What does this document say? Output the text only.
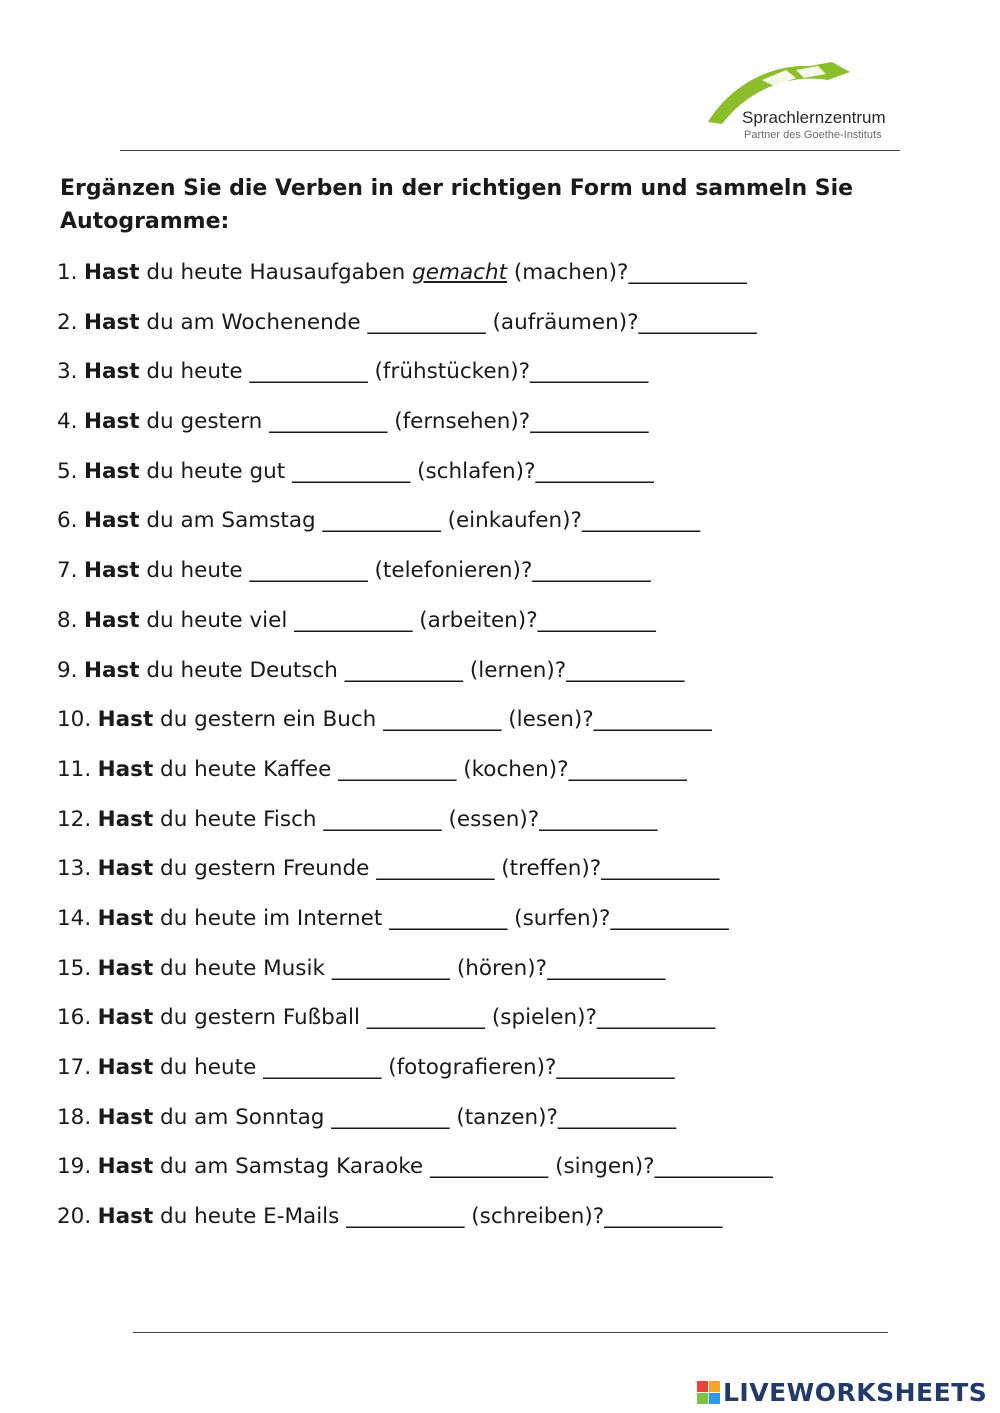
Sprachlernzentrum
Partner des Goethe-Instituts
Ergänzen Sie die Verben in der richtigen Form und sammeln Sie Autogramme:
1. Hast du heute Hausaufgaben gemacht (machen)?___________
2. Hast du am Wochenende ___________ (aufräumen)?___________
3. Hast du heute ___________ (frühstücken)?___________
4. Hast du gestern ___________ (fernsehen)?___________
5. Hast du heute gut ___________ (schlafen)?___________
6. Hast du am Samstag ___________ (einkaufen)?___________
7. Hast du heute ___________ (telefonieren)?___________
8. Hast du heute viel ___________ (arbeiten)?___________
9. Hast du heute Deutsch ___________ (lernen)?___________
10. Hast du gestern ein Buch ___________ (lesen)?___________
11. Hast du heute Kaffee ___________ (kochen)?___________
12. Hast du heute Fisch ___________ (essen)?___________
13. Hast du gestern Freunde ___________ (treffen)?___________
14. Hast du heute im Internet ___________ (surfen)?___________
15. Hast du heute Musik ___________ (hören)?___________
16. Hast du gestern Fußball ___________ (spielen)?___________
17. Hast du heute ___________ (fotografieren)?___________
18. Hast du am Sonntag ___________ (tanzen)?___________
19. Hast du am Samstag Karaoke ___________ (singen)?___________
20. Hast du heute E-Mails ___________ (schreiben)?___________
LIVEWORKSHEETS
